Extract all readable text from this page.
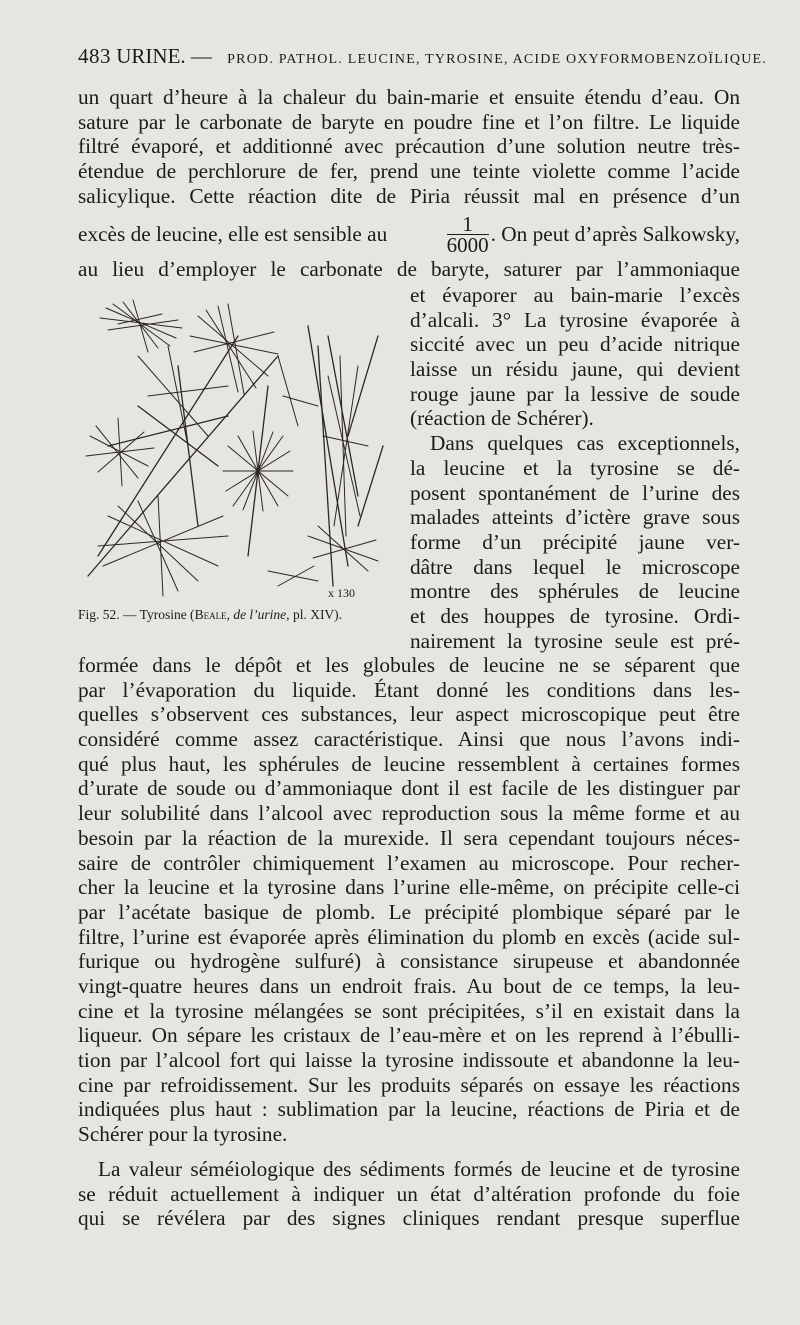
483 URINE. — PROD. PATHOL. LEUCINE, TYROSINE, ACIDE OXYFORMOBENZOÏLIQUE.
un quart d’heure à la chaleur du bain-marie et ensuite étendu d’eau. On
sature par le carbonate de baryte en poudre fine et l’on filtre. Le liquide
filtré évaporé, et additionné avec précaution d’une solution neutre très-
étendue de perchlorure de fer, prend une teinte violette comme l’acide
salicylique. Cette réaction dite de Piria réussit mal en présence d’un
excès de leucine, elle est sensible au	$\frac{1}{6000}$ . On peut d’après Salkowsky,
au lieu d’employer le carbonate de baryte, saturer par l’ammoniaque
et évaporer au bain-marie l’excès
d’alcali. 3° La tyrosine évaporée à
siccité avec un peu d’acide nitrique
laisse un résidu jaune, qui devient
rouge jaune par la lessive de soude
(réaction de Schérer).
Dans quelques cas exceptionnels,
la leucine et la tyrosine se dé-
posent spontanément de l’urine des
malades atteints d’ictère grave sous
forme d’un précipité jaune ver-
dâtre dans lequel le microscope
montre des sphérules de leucine
et des houppes de tyrosine. Ordi-
nairement la tyrosine seule est pré-
x 130
Fig. 52. — Tyrosine (Beale, de l’urine, pl. XIV).
formée dans le dépôt et les globules de leucine ne se séparent que
par l’évaporation du liquide. Étant donné les conditions dans les-
quelles s’observent ces substances, leur aspect microscopique peut être
considéré comme assez caractéristique. Ainsi que nous l’avons indi-
qué plus haut, les sphérules de leucine ressemblent à certaines formes
d’urate de soude ou d’ammoniaque dont il est facile de les distinguer par
leur solubilité dans l’alcool avec reproduction sous la même forme et au
besoin par la réaction de la murexide. Il sera cependant toujours néces-
saire de contrôler chimiquement l’examen au microscope. Pour recher-
cher la leucine et la tyrosine dans l’urine elle-même, on précipite celle-ci
par l’acétate basique de plomb. Le précipité plombique séparé par le
filtre, l’urine est évaporée après élimination du plomb en excès (acide sul-
furique ou hydrogène sulfuré) à consistance sirupeuse et abandonnée
vingt-quatre heures dans un endroit frais. Au bout de ce temps, la leu-
cine et la tyrosine mélangées se sont précipitées, s’il en existait dans la
liqueur. On sépare les cristaux de l’eau-mère et on les reprend à l’ébulli-
tion par l’alcool fort qui laisse la tyrosine indissoute et abandonne la leu-
cine par refroidissement. Sur les produits séparés on essaye les réactions
indiquées plus haut : sublimation par la leucine, réactions de Piria et de
Schérer pour la tyrosine.
La valeur séméiologique des sédiments formés de leucine et de tyrosine
se réduit actuellement à indiquer un état d’altération profonde du foie
qui se révélera par des signes cliniques rendant presque superflue
